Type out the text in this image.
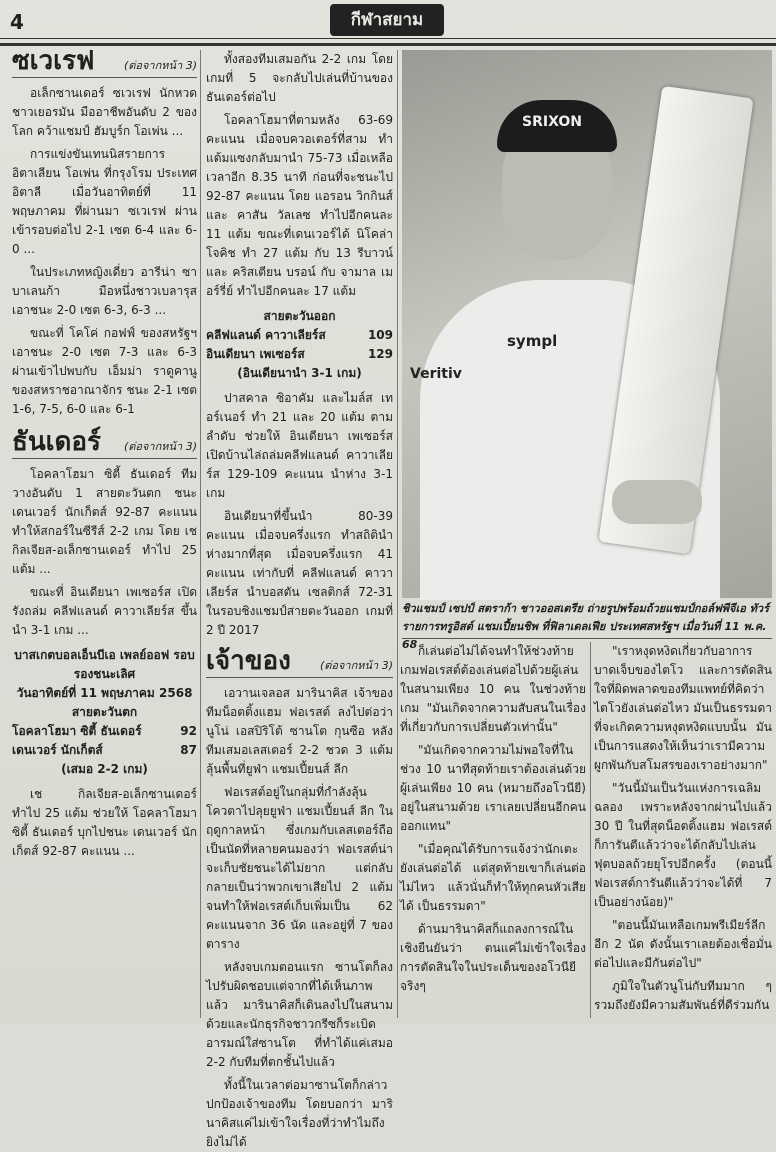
4	กีฬาสยาม
ซเวเรฟ	(ต่อจากหน้า 3)

อเล็กซานเดอร์ ซเวเรฟ นักหวดชาวเยอรมัน มืออาชีพอันดับ 2 ของโลก คว้าแชมป์ ฮัมบูร์ก โอเพ่น ...

การแข่งขันเทนนิสรายการ อิตาเลียน โอเพ่น ที่กรุงโรม ประเทศอิตาลี เมื่อวันอาทิตย์ที่ 11 พฤษภาคม ที่ผ่านมา ซเวเรฟ ผ่านเข้ารอบต่อไป 2-1 เซต 6-4 และ 6-0 ...

ในประเภทหญิงเดี่ยว อารีน่า ซาบาเลนก้า มือหนึ่งชาวเบลารุส เอาชนะ 2-0 เซต 6-3, 6-3 ...

ขณะที่ โคโค่ กอฟฟ์ ของสหรัฐฯ เอาชนะ 2-0 เซต 7-3 และ 6-3 ผ่านเข้าไปพบกับ เอ็มม่า ราดูคานู ของสหราชอาณาจักร ชนะ 2-1 เซต 1-6, 7-5, 6-0 และ 6-1

ธันเดอร์ (ต่อจากหน้า 3)

โอคลาโฮมา ซิตี้ ธันเดอร์ ทีมวางอันดับ 1 สายตะวันตก ชนะ เดนเวอร์ นักเก็ตส์ 92-87 คะแนน ทำให้สกอร์ในซีรีส์ 2-2 เกม โดย เช กิลเจียส-อเล็กซานเดอร์ ทำไป 25 แต้ม ...

ขณะที่ อินเดียนา เพเซอร์ส เปิดรังถล่ม คลีฟแลนด์ คาวาเลียร์ส ขึ้นนำ 3-1 เกม ...

บาสเกตบอลเอ็นบีเอ เพลย์ออฟ รอบรองชนะเลิศ
วันอาทิตย์ที่ 11 พฤษภาคม 2568
สายตะวันตก
โอคลาโฮมา ซิตี้ ธันเดอร์	92
เดนเวอร์ นักเก็ตส์	87
(เสมอ 2-2 เกม)

เช กิลเจียส-อเล็กซานเดอร์ ทำไป 25 แต้ม ช่วยให้ โอคลาโฮมา ซิตี้ ธันเดอร์ บุกไปชนะ เดนเวอร์ นักเก็ตส์ 92-87 คะแนน ...

ทั้งสองทีมเสมอกัน 2-2 เกม โดยเกมที่ 5 จะกลับไปเล่นที่บ้านของธันเดอร์ต่อไป

โอคลาโฮมาที่ตามหลัง 63-69 คะแนน เมื่อจบควอเตอร์ที่สาม ทำแต้มแซงกลับมานำ 75-73 เมื่อเหลือเวลาอีก 8.35 นาที ก่อนที่จะชนะไป 92-87 คะแนน โดย แอรอน วิกกินส์ และ คาสัน วัลเลซ ทำไปอีกคนละ 11 แต้ม ขณะที่เดนเวอร์ได้ นิโคล่า โจคิช ทำ 27 แต้ม กับ 13 รีบาวน์ และ คริสเตียน บรอน์ กับ จามาล เมอร์รี่ย์ ทำไปอีกคนละ 17 แต้ม

สายตะวันออก
คลีฟแลนด์ คาวาเลียร์ส	109
อินเดียนา เพเซอร์ส	129
(อินเดียนานำ 3-1 เกม)

ปาสคาล ซิอาคัม และไมล์ส เทอร์เนอร์ ทำ 21 และ 20 แต้ม ตามลำดับ ช่วยให้ อินเดียนา เพเซอร์ส เปิดบ้านไล่ถล่มคลีฟแลนด์ คาวาเลียร์ส 129-109 คะแนน นำห่าง 3-1 เกม

อินเดียนาที่ขึ้นนำ 80-39 คะแนน เมื่อจบครึ่งแรก ทำสถิตินำห่างมากที่สุด เมื่อจบครึ่งแรก 41 คะแนน เท่ากับที่ คลีฟแลนด์ คาวาเลียร์ส นำบอสตัน เซลติกส์ 72-31 ในรอบชิงแชมป์สายตะวันออก เกมที่ 2 ปี 2017

เจ้าของ	(ต่อจากหน้า 3)

เอวานเจลอส มารินาคิส เจ้าของทีมน็อตติ้งแฮม ฟอเรสต์ ลงไปต่อว่า นูโน่ เอสปิริโต้ ซานโต กุนซือ หลังทีมเสมอเลสเตอร์ 2-2 ชวด 3 แต้มลุ้นพื้นที่ยูฟ่า แชมเปี้ยนส์ ลีก

ฟอเรสต์อยู่ในกลุ่มที่กำลังลุ้นโควตาไปลุยยูฟ่า แชมเปี้ยนส์ ลีก ในฤดูกาลหน้า ซึ่งเกมกับเลสเตอร์ถือเป็นนัดที่หลายคนมองว่า ฟอเรสต์น่าจะเก็บชัยชนะได้ไม่ยาก แต่กลับกลายเป็นว่าพวกเขาเสียไป 2 แต้ม จนทำให้ฟอเรสต์เก็บเพิ่มเป็น 62 คะแนนจาก 36 นัด และอยู่ที่ 7 ของตาราง

หลังจบเกมตอนแรก ซานโตก็ลงไปรับผิดชอบแต่จากที่ได้เห็นภาพแล้ว มารินาคิสก็เดินลงไปในสนามด้วยและนักธุรกิจชาวกรีซก็ระเบิดอารมณ์ใส่ซานโต ที่ทำได้แค่เสมอ 2-2 กับทีมที่ตกชั้นไปแล้ว

ทั้งนี้ในเวลาต่อมาซานโตก็กล่าวปกป้องเจ้าของทีม โดยบอกว่า มารินาคิสแค่ไม่เข้าใจเรื่องที่ว่าทำไมถึงยิงไม่ได้

SRIXON
sympl
Veritiv
ชิวแชมป์ เซปป์ สตราก้า ชาวออสเตรีย ถ่ายรูปพร้อมถ้วยแชมป์กอล์ฟพีจีเอ ทัวร์ รายการทรูอิสต์ แชมเปี้ยนชิพ ที่ฟิลาเดลเฟีย ประเทศสหรัฐฯ เมื่อวันที่ 11 พ.ค. 68 ก็เล่นต่อไม่ได้จนทำให้ช่วงท้ายเกมฟอเรสต์ต้องเล่นต่อไปด้วยผู้เล่นในสนามเพียง 10 คน ในช่วงท้ายเกม "มันเกิดจากความสับสนในเรื่องที่เกี่ยวกับการเปลี่ยนตัวเท่านั้น"

"มันเกิดจากความไม่พอใจที่ในช่วง 10 นาทีสุดท้ายเราต้องเล่นด้วยผู้เล่นเพียง 10 คน (หมายถึงอโวนียี) อยู่ในสนามด้วย เราเลยเปลี่ยนอีกคนออกแทน"

"เมื่อคุณได้รับการแจ้งว่านักเตะยังเล่นต่อได้ แต่สุดท้ายเขาก็เล่นต่อไม่ไหว แล้วนั่นก็ทำให้ทุกคนหัวเสียได้ เป็นธรรมดา"

ด้านมารินาคิสก็แถลงการณ์ในเชิงยืนยันว่า ตนแค่ไม่เข้าใจเรื่องการตัดสินใจในประเด็นของอโวนียีจริงๆ

"เราหงุดหงิดเกี่ยวกับอาการบาดเจ็บของไตโว และการตัดสินใจที่ผิดพลาดของทีมแพทย์ที่คิดว่าไตโวยังเล่นต่อไหว มันเป็นธรรมดาที่จะเกิดความหงุดหงิดแบบนั้น มันเป็นการแสดงให้เห็นว่าเรามีความผูกพันกับสโมสรของเราอย่างมาก"

"วันนี้มันเป็นวันแห่งการเฉลิมฉลอง เพราะหลังจากผ่านไปแล้ว 30 ปี ในที่สุดน็อตติ้งแฮม ฟอเรสต์ ก็การันตีแล้วว่าจะได้กลับไปเล่นฟุตบอลถ้วยยุโรปอีกครั้ง (ตอนนี้ฟอเรสต์การันตีแล้วว่าจะได้ที่ 7 เป็นอย่างน้อย)"

"ตอนนี้มันเหลือเกมพรีเมียร์ลีกอีก 2 นัด ดังนั้นเราเลยต้องเชื่อมั่นต่อไปและมีกันต่อไป"

ภูมิใจในตัวนูโน่กับทีมมาก ๆ รวมถึงยังมีความสัมพันธ์ที่ดีร่วมกัน
